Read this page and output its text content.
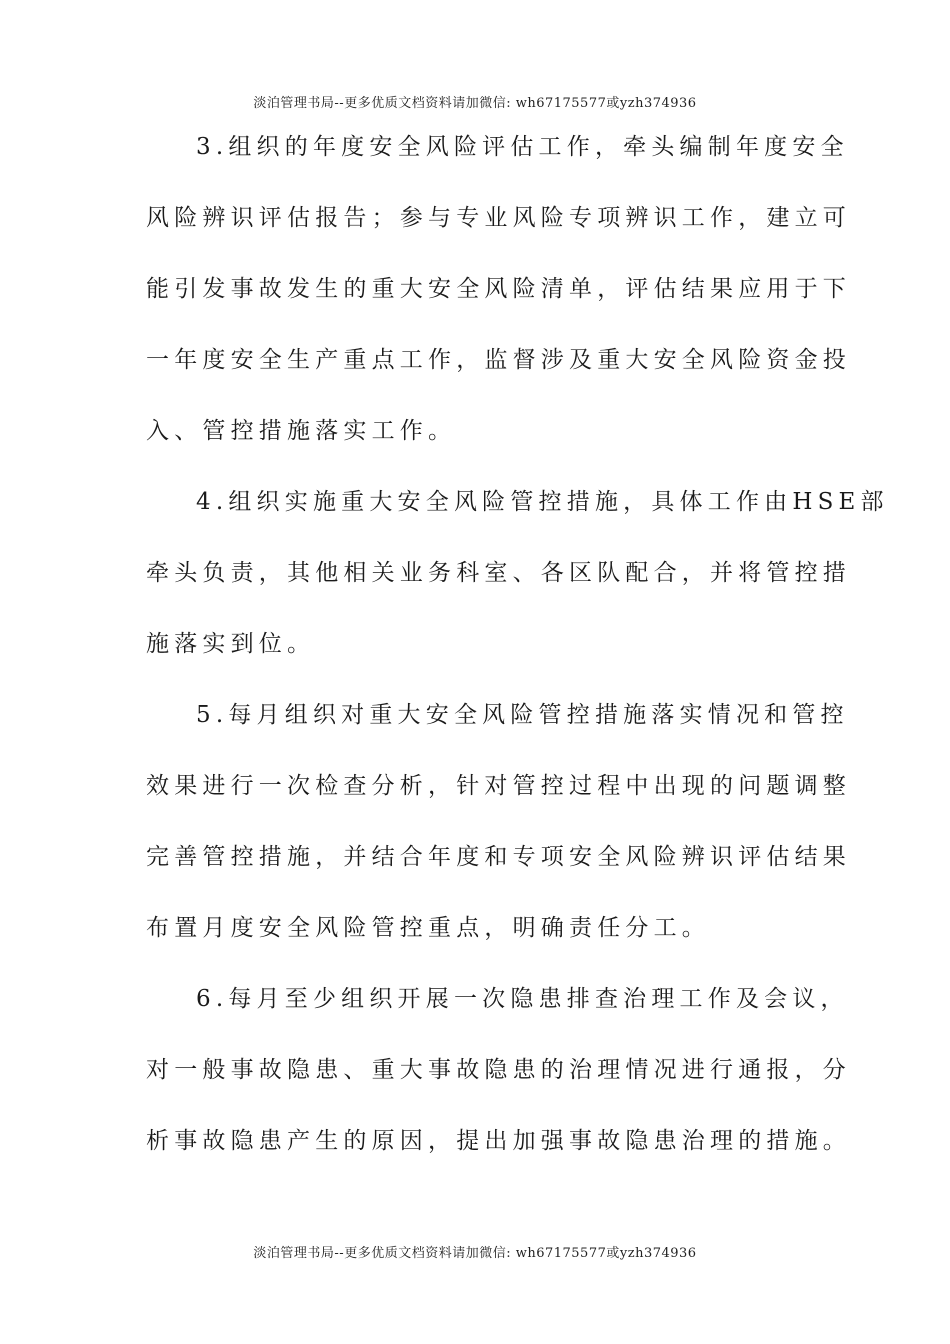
淡泊管理书局--更多优质文档资料请加微信: wh67175577或yzh374936

3.组织的年度安全风险评估工作，牵头编制年度安全
风险辨识评估报告；参与专业风险专项辨识工作，建立可
能引发事故发生的重大安全风险清单，评估结果应用于下
一年度安全生产重点工作，监督涉及重大安全风险资金投
入、管控措施落实工作。

4.组织实施重大安全风险管控措施，具体工作由HSE部
牵头负责，其他相关业务科室、各区队配合，并将管控措
施落实到位。

5.每月组织对重大安全风险管控措施落实情况和管控
效果进行一次检查分析，针对管控过程中出现的问题调整
完善管控措施，并结合年度和专项安全风险辨识评估结果
布置月度安全风险管控重点，明确责任分工。

6.每月至少组织开展一次隐患排查治理工作及会议，
对一般事故隐患、重大事故隐患的治理情况进行通报，分
析事故隐患产生的原因，提出加强事故隐患治理的措施。

淡泊管理书局--更多优质文档资料请加微信: wh67175577或yzh374936
